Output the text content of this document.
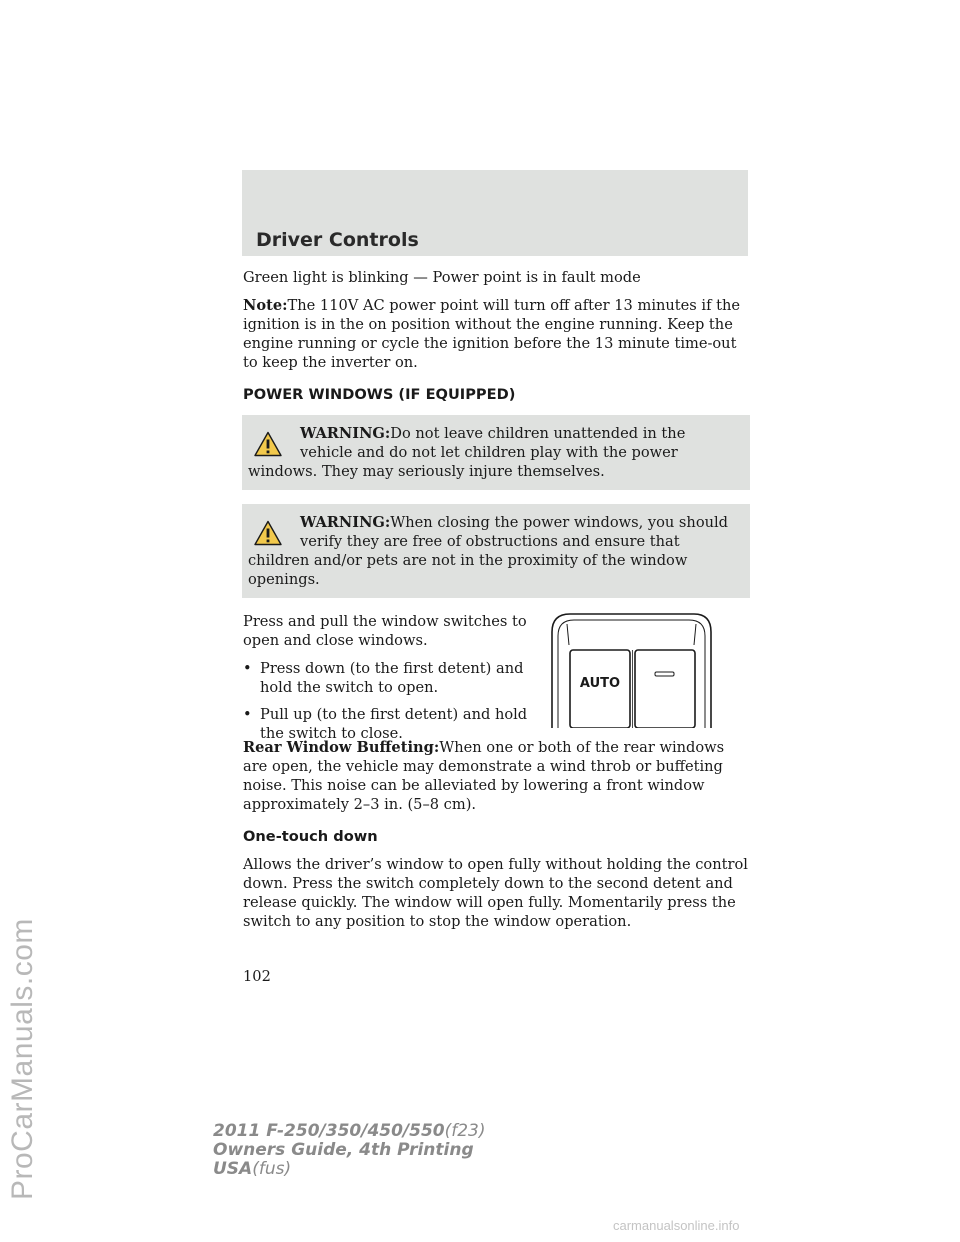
ProCarManuals.com
Driver Controls

Green light is blinking — Power point is in fault mode

Note:The 110V AC power point will turn off after 13 minutes if the ignition is in the on position without the engine running. Keep the engine running or cycle the ignition before the 13 minute time-out to keep the inverter on.

POWER WINDOWS (IF EQUIPPED)
WARNING:Do not leave children unattended in the vehicle and do not let children play with the power windows. They may seriously injure themselves.
WARNING:When closing the power windows, you should verify they are free of obstructions and ensure that children and/or pets are not in the proximity of the window openings.

Press and pull the window switches to open and close windows.

• Press down (to the first detent) and hold the switch to open.
• Pull up (to the first detent) and hold the switch to close.
AUTO

Rear Window Buffeting:When one or both of the rear windows are open, the vehicle may demonstrate a wind throb or buffeting noise. This noise can be alleviated by lowering a front window approximately 2–3 in. (5–8 cm).

One-touch down

Allows the driver’s window to open fully without holding the control down. Press the switch completely down to the second detent and release quickly. The window will open fully. Momentarily press the switch to any position to stop the window operation.

102
2011 F-250/350/450/550(f23)
Owners Guide, 4th Printing
USA(fus)
carmanualsonline.info
